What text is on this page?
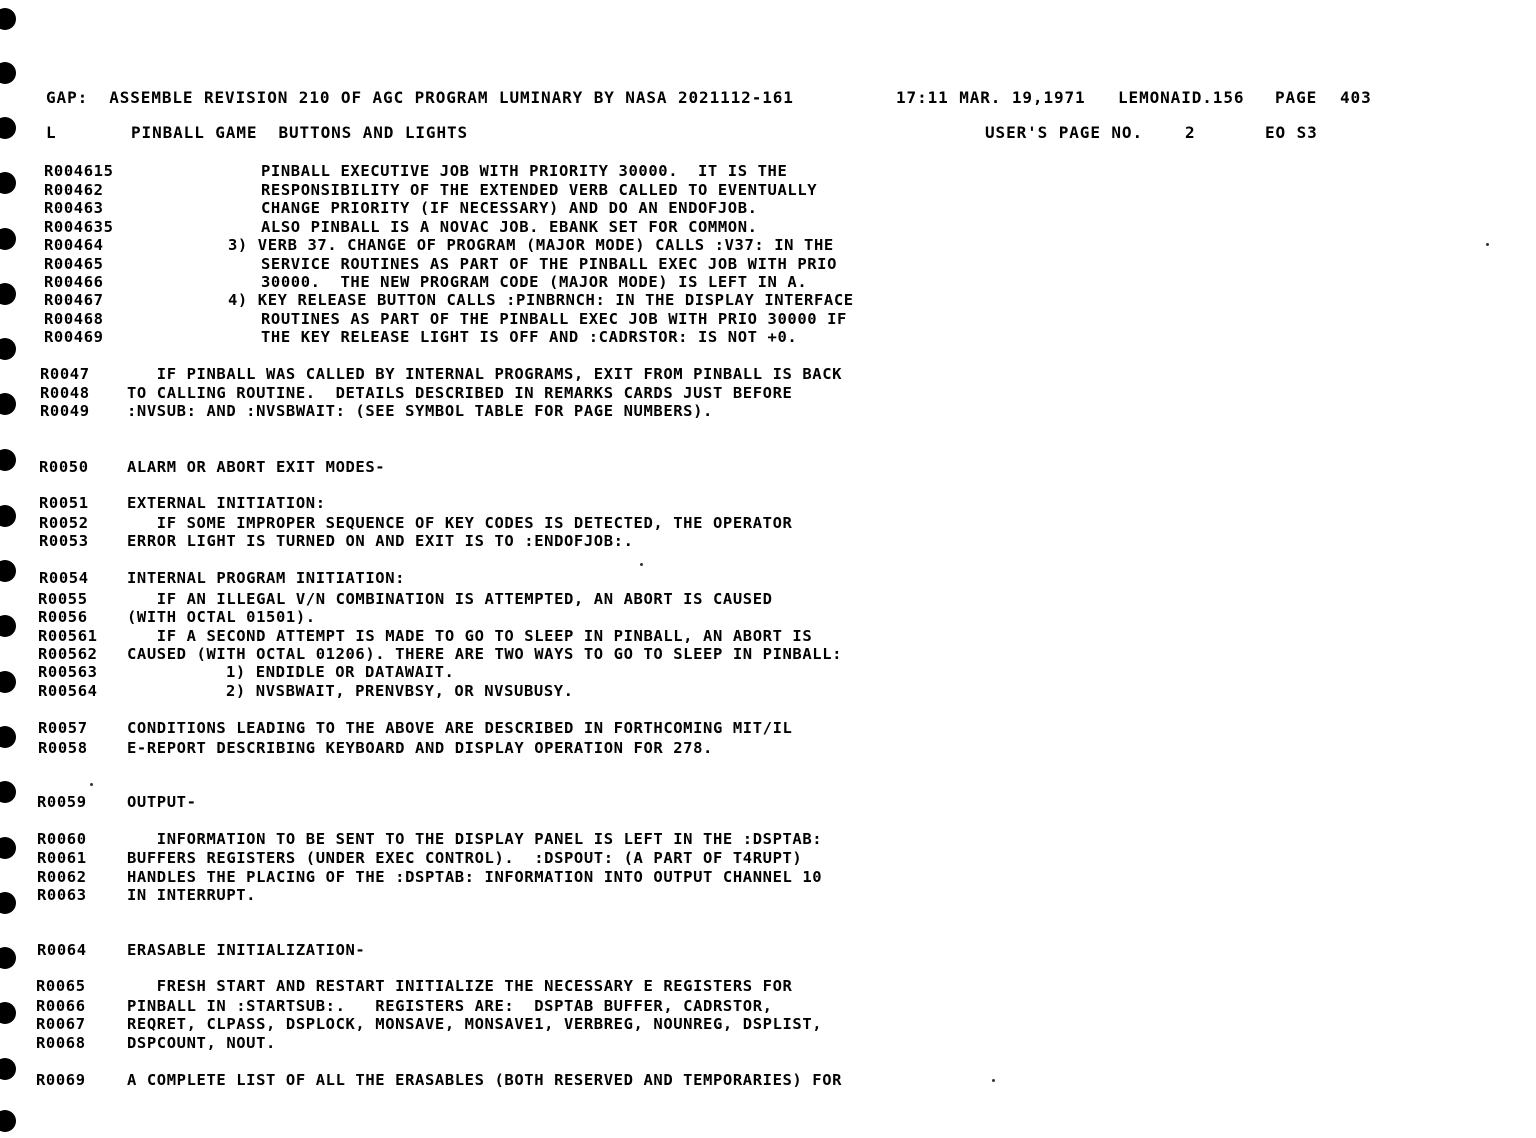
GAP:  ASSEMBLE REVISION 210 OF AGC PROGRAM LUMINARY BY NASA 2021112-161	17:11 MAR. 19,1971 LEMONAID.156 PAGE 403
L	PINBALL GAME  BUTTONS AND LIGHTS	USER'S PAGE NO.	2	EO S3
R004615	PINBALL EXECUTIVE JOB WITH PRIORITY 30000.  IT IS THE
R00462	RESPONSIBILITY OF THE EXTENDED VERB CALLED TO EVENTUALLY
R00463	CHANGE PRIORITY (IF NECESSARY) AND DO AN ENDOFJOB.
R004635	ALSO PINBALL IS A NOVAC JOB. EBANK SET FOR COMMON.
R00464	3) VERB 37. CHANGE OF PROGRAM (MAJOR MODE) CALLS :V37: IN THE
R00465	SERVICE ROUTINES AS PART OF THE PINBALL EXEC JOB WITH PRIO
R00466	30000.  THE NEW PROGRAM CODE (MAJOR MODE) IS LEFT IN A.
R00467	4) KEY RELEASE BUTTON CALLS :PINBRNCH: IN THE DISPLAY INTERFACE
R00468	ROUTINES AS PART OF THE PINBALL EXEC JOB WITH PRIO 30000 IF
R00469	THE KEY RELEASE LIGHT IS OFF AND :CADRSTOR: IS NOT +0.
R0047 IF PINBALL WAS CALLED BY INTERNAL PROGRAMS, EXIT FROM PINBALL IS BACK
R0048 TO CALLING ROUTINE.  DETAILS DESCRIBED IN REMARKS CARDS JUST BEFORE
R0049 :NVSUB: AND :NVSBWAIT: (SEE SYMBOL TABLE FOR PAGE NUMBERS).
R0050 ALARM OR ABORT EXIT MODES-
R0051 EXTERNAL INITIATION:
R0052 IF SOME IMPROPER SEQUENCE OF KEY CODES IS DETECTED, THE OPERATOR
R0053 ERROR LIGHT IS TURNED ON AND EXIT IS TO :ENDOFJOB:.
R0054 INTERNAL PROGRAM INITIATION:
R0055	IF AN ILLEGAL V/N COMBINATION IS ATTEMPTED, AN ABORT IS CAUSED
R0056	(WITH OCTAL 01501).
R00561 IF A SECOND ATTEMPT IS MADE TO GO TO SLEEP IN PINBALL, AN ABORT IS
R00562 CAUSED (WITH OCTAL 01206). THERE ARE TWO WAYS TO GO TO SLEEP IN PINBALL:
R00563	1) ENDIDLE OR DATAWAIT.
R00564	2) NVSBWAIT, PRENVBSY, OR NVSUBUSY.
R0057	CONDITIONS LEADING TO THE ABOVE ARE DESCRIBED IN FORTHCOMING MIT/IL
R0058	E-REPORT DESCRIBING KEYBOARD AND DISPLAY OPERATION FOR 278.
R0059	OUTPUT-
R0060	INFORMATION TO BE SENT TO THE DISPLAY PANEL IS LEFT IN THE :DSPTAB:
R0061	BUFFERS REGISTERS (UNDER EXEC CONTROL).  :DSPOUT: (A PART OF T4RUPT)
R0062	HANDLES THE PLACING OF THE :DSPTAB: INFORMATION INTO OUTPUT CHANNEL 10
R0063	IN INTERRUPT.
R0064	ERASABLE INITIALIZATION-
R0065	FRESH START AND RESTART INITIALIZE THE NECESSARY E REGISTERS FOR
R0066	PINBALL IN :STARTSUB:.   REGISTERS ARE:  DSPTAB BUFFER, CADRSTOR,
R0067	REQRET, CLPASS, DSPLOCK, MONSAVE, MONSAVE1, VERBREG, NOUNREG, DSPLIST,
R0068	DSPCOUNT, NOUT.
R0069	A COMPLETE LIST OF ALL THE ERASABLES (BOTH RESERVED AND TEMPORARIES) FOR
